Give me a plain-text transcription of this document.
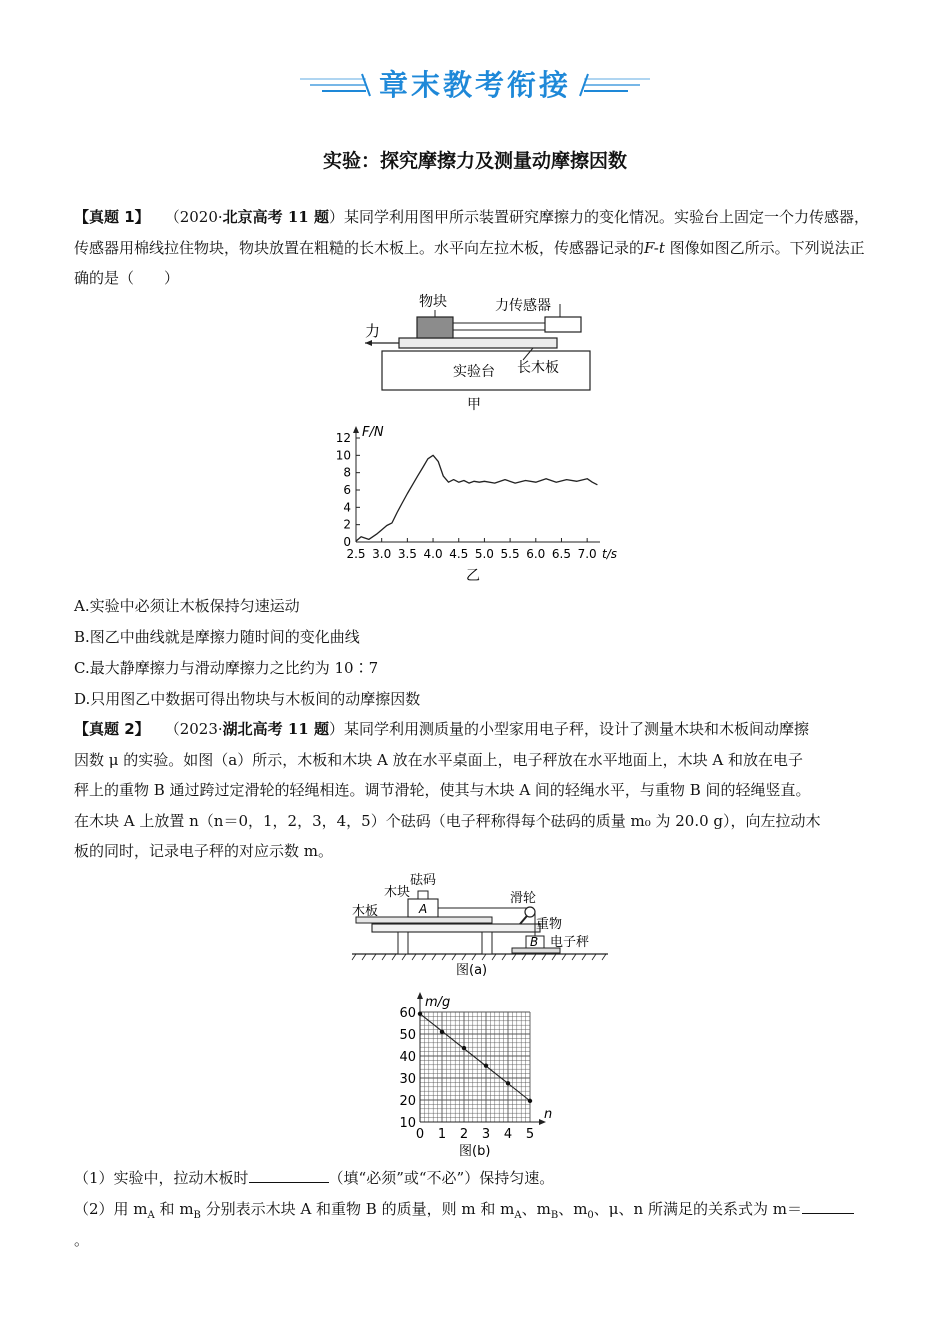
章末教考衔接
实验：探究摩擦力及测量动摩擦因数

【真题 1】　　 （2020·北京高考 11 题）某同学利用图甲所示装置研究摩擦力的变化情况。实验台上固定一个力传感器，传感器用棉线拉住物块，物块放置在粗糙的长木板上。水平向左拉木板，传感器记录的F-t 图像如图乙所示。下列说法正确的是（　　）

物块	力传感器
力
实验台 长木板
甲
0
2
4
6
8
10
12
2.5 3.0 3.5 4.0 4.5 5.0 5.5 6.0 6.5 7.0
F/N
t/s
乙
A.实验中必须让木板保持匀速运动
B.图乙中曲线就是摩擦力随时间的变化曲线
C.最大静摩擦力与滑动摩擦力之比约为 10∶7
D.只用图乙中数据可得出物块与木板间的动摩擦因数

【真题 2】　　 （2023·湖北高考 11 题）某同学利用测质量的小型家用电子秤，设计了测量木块和木板间动摩擦

因数 μ 的实验。如图（a）所示，木板和木块 A 放在水平桌面上，电子秤放在水平地面上，木块 A 和放在电子

秤上的重物 B 通过跨过定滑轮的轻绳相连。调节滑轮，使其与木块 A 间的轻绳水平，与重物 B 间的轻绳竖直。

在木块 A 上放置 n（n＝0，1，2，3，4，5）个砝码（电子秤称得每个砝码的质量 m₀ 为 20.0 g），向左拉动木

板的同时，记录电子秤的对应示数 m。

砝码
木块
木板	A
滑轮
重物
B 电子秤
图(a)
10
20
30
40
50
60
0 1 2 3 4 5
m/g
n
图(b)
（1）实验中，拉动木板时	（填“必须”或“不必”）保持匀速。
（2）用 $m_A$ 和 $m_B$ 分别表示木块 A 和重物 B 的质量，则 m 和 $m_A$、$m_B$、$m_0$、μ、n 所满足的关系式为 m＝
。
